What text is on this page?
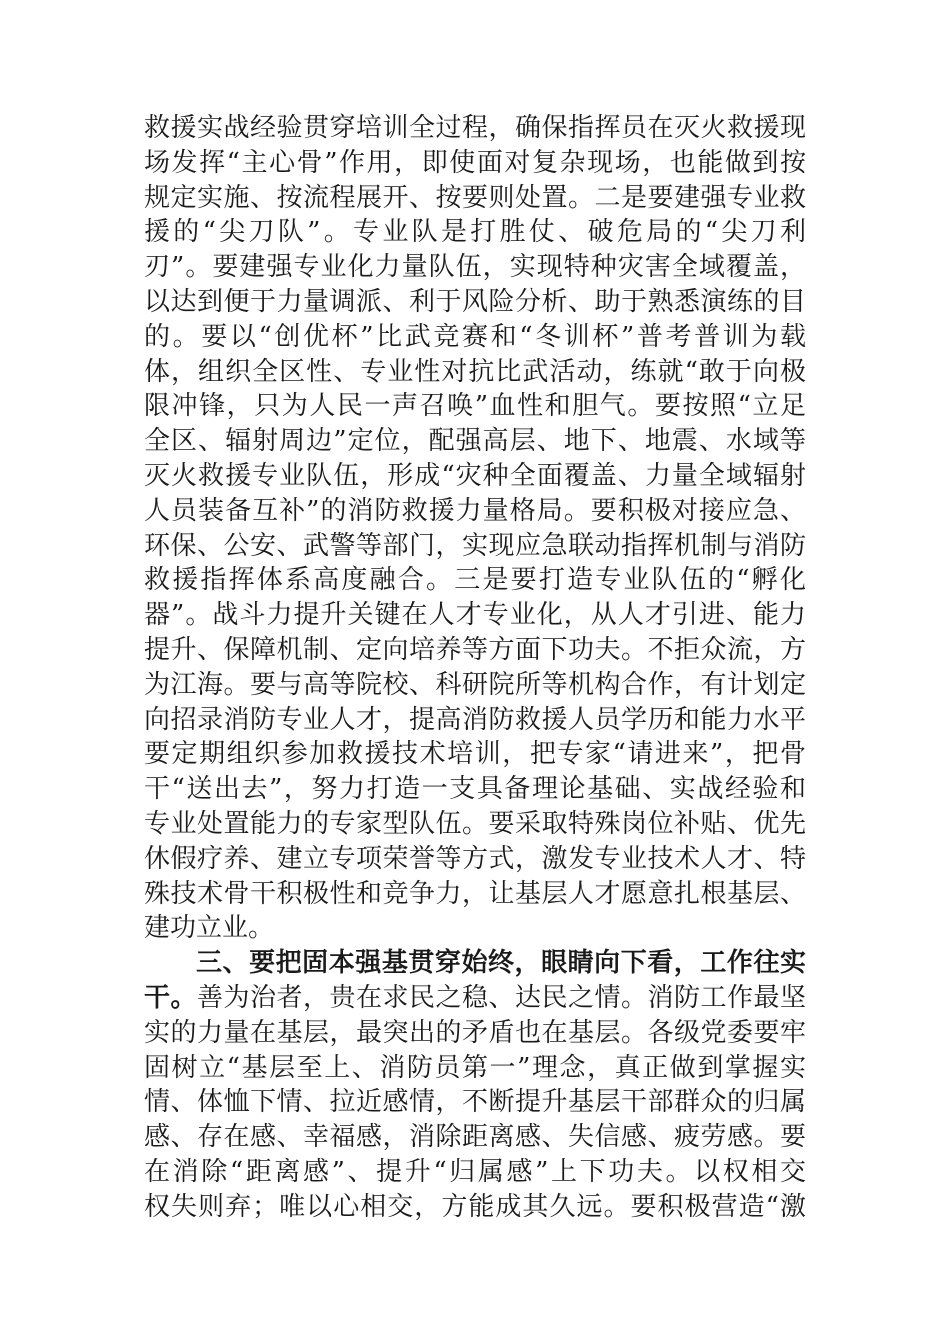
救援实战经验贯穿培训全过程，确保指挥员在灭火救援现
场发挥“主心骨”作用，即使面对复杂现场，也能做到按
规定实施、按流程展开、按要则处置。二是要建强专业救
援的“尖刀队”。专业队是打胜仗、破危局的“尖刀利
刃”。要建强专业化力量队伍，实现特种灾害全域覆盖，
以达到便于力量调派、利于风险分析、助于熟悉演练的目
的。要以“创优杯”比武竞赛和“冬训杯”普考普训为载
体，组织全区性、专业性对抗比武活动，练就“敢于向极
限冲锋，只为人民一声召唤”血性和胆气。要按照“立足
全区、辐射周边”定位，配强高层、地下、地震、水域等
灭火救援专业队伍，形成“灾种全面覆盖、力量全域辐射
人员装备互补”的消防救援力量格局。要积极对接应急、
环保、公安、武警等部门，实现应急联动指挥机制与消防
救援指挥体系高度融合。三是要打造专业队伍的“孵化
器”。战斗力提升关键在人才专业化，从人才引进、能力
提升、保障机制、定向培养等方面下功夫。不拒众流，方
为江海。要与高等院校、科研院所等机构合作，有计划定
向招录消防专业人才，提高消防救援人员学历和能力水平
要定期组织参加救援技术培训，把专家“请进来”，把骨
干“送出去”，努力打造一支具备理论基础、实战经验和
专业处置能力的专家型队伍。要采取特殊岗位补贴、优先
休假疗养、建立专项荣誉等方式，激发专业技术人才、特
殊技术骨干积极性和竞争力，让基层人才愿意扎根基层、
建功立业。
三、要把固本强基贯穿始终，眼睛向下看，工作往实
干。善为治者，贵在求民之稳、达民之情。消防工作最坚
实的力量在基层，最突出的矛盾也在基层。各级党委要牢
固树立“基层至上、消防员第一”理念，真正做到掌握实
情、体恤下情、拉近感情，不断提升基层干部群众的归属
感、存在感、幸福感，消除距离感、失信感、疲劳感。要
在消除“距离感”、提升“归属感”上下功夫。以权相交
权失则弃；唯以心相交，方能成其久远。要积极营造“激
